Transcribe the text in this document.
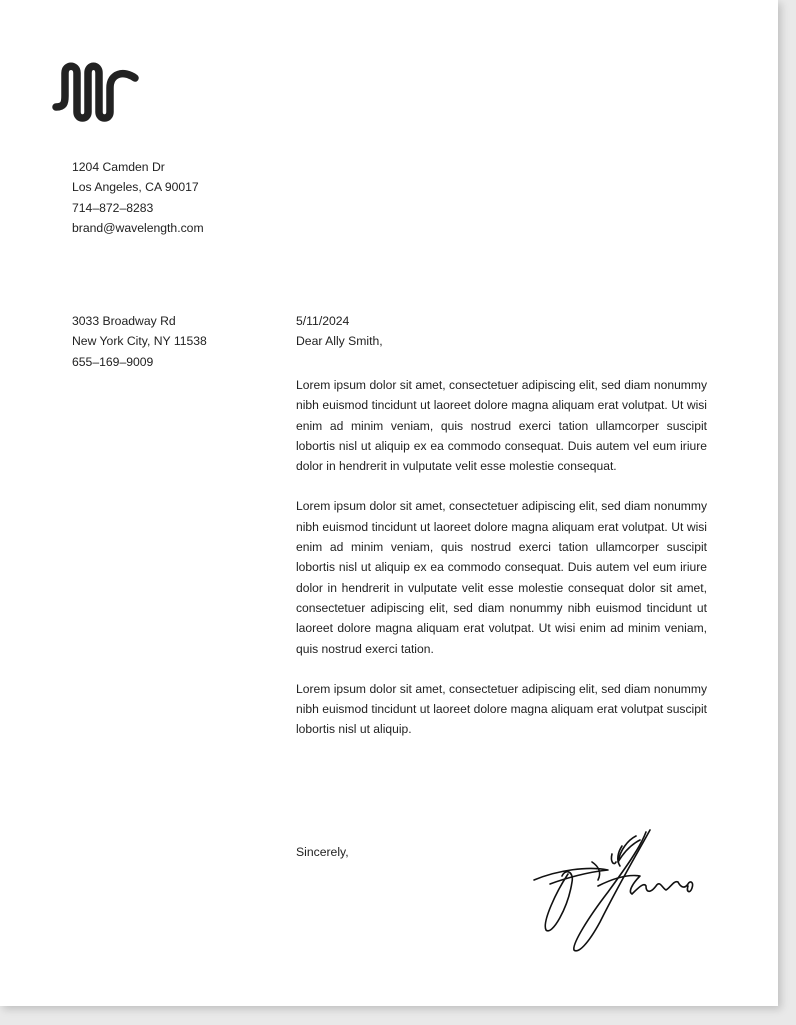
1204 Camden Dr
Los Angeles, CA 90017
714–872–8283
brand@wavelength.com
3033 Broadway Rd
New York City, NY 11538
655–169–9009
5/11/2024
Dear Ally Smith,

Lorem ipsum dolor sit amet, consectetuer adipiscing elit, sed diam nonummy nibh euismod tincidunt ut laoreet dolore magna aliquam erat volutpat. Ut wisi enim ad minim veniam, quis nostrud exerci tation ullamcorper suscipit lobortis nisl ut aliquip ex ea commodo consequat. Duis autem vel eum iriure dolor in hendrerit in vulputate velit esse molestie consequat.

Lorem ipsum dolor sit amet, consectetuer adipiscing elit, sed diam nonummy nibh euismod tincidunt ut laoreet dolore magna aliquam erat volutpat. Ut wisi enim ad minim veniam, quis nostrud exerci tation ullamcorper suscipit lobortis nisl ut aliquip ex ea commodo consequat. Duis autem vel eum iriure dolor in hendrerit in vulputate velit esse molestie consequat dolor sit amet, consectetuer adipiscing elit, sed diam nonummy nibh euismod tincidunt ut laoreet dolore magna aliquam erat volutpat. Ut wisi enim ad minim veniam, quis nostrud exerci tation.

Lorem ipsum dolor sit amet, consectetuer adipiscing elit, sed diam nonummy nibh euismod tincidunt ut laoreet dolore magna aliquam erat volutpat suscipit lobortis nisl ut aliquip.

Sincerely,
